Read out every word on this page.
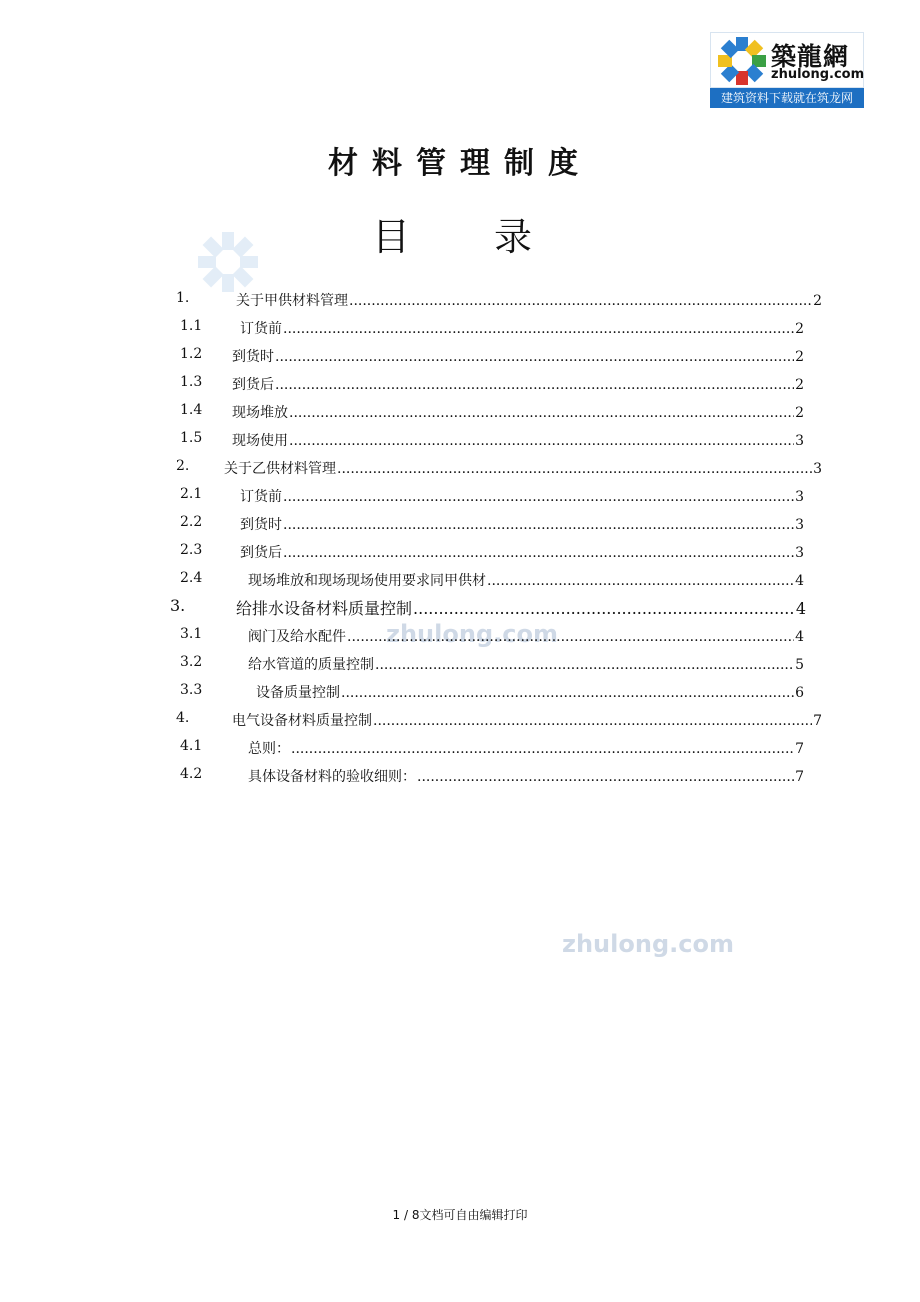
築龍網
zhulong.com
建筑资料下载就在筑龙网
材料管理制度
目 录
zhulong.com
zhulong.com
1.	关于甲供材料管理 .....	2
1.1	订货前 .....	2
1.2 到货时 .....	2
1.3 到货后 .....	2
1.4 现场堆放 .....	2
1.5 现场使用 .....	3
2. 关于乙供材料管理 .....	3
2.1	订货前 .....	3
2.2	到货时 .....	3
2.3	到货后 .....	3
2.4	现场堆放和现场现场使用要求同甲供材 .....	4
3.	给排水设备材料质量控制 .....	4
3.1	阀门及给水配件 .....	4
3.2	给水管道的质量控制 .....	5
3.3	设备质量控制 .....	6
4.	电气设备材料质量控制 .....	7
4.1	总则： .....	7
4.2	具体设备材料的验收细则： .....	7
1 / 8文档可自由编辑打印
